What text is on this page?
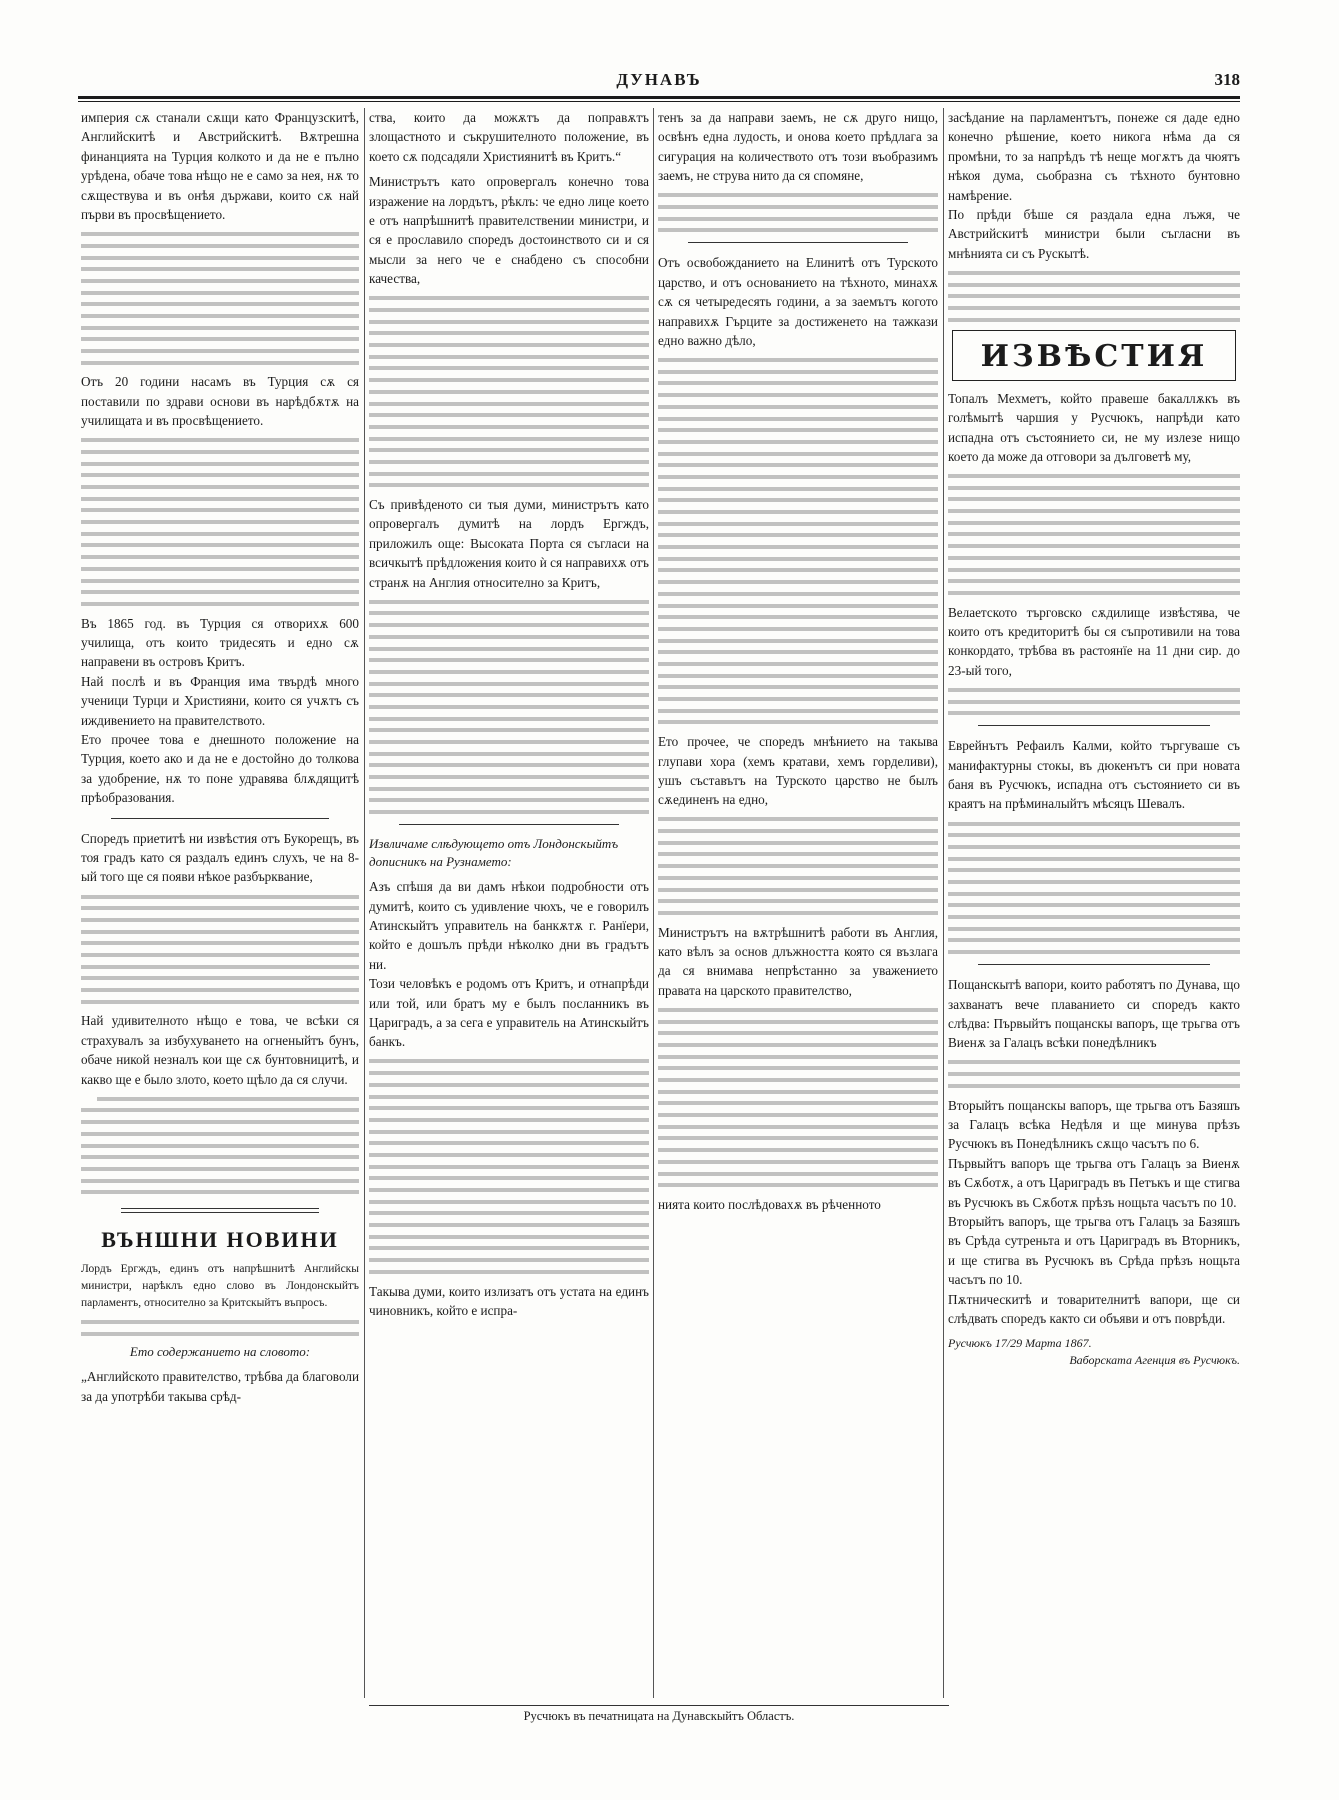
ДУНАВЪ	318

империя сѫ станали сѫщи като Французскитѣ, Английскитѣ и Австрийскитѣ. Вѫтрешна финанцията на Турция колкото и да не е пълно урѣдена, обаче това нѣщо не е само за нея, нѫ то сѫществува и въ онѣя държави, които сѫ най първи въ просвѣщението.

Отъ 20 години насамъ въ Турция сѫ ся поставили по здрави основи въ нарѣдбѫтѫ на училищата и въ просвѣщението.

Въ 1865 год. въ Турция ся отворихѫ 600 училища, отъ които тридесять и едно сѫ направени въ островъ Критъ.

Най послѣ и въ Франция има твърдѣ много ученици Турци и Християни, които ся учѫтъ съ иждивението на правителството.

Ето прочее това е днешното положение на Турция, което ако и да не е достойно до толкова за удобрение, нѫ то поне удравява блѫдящитѣ прѣобразования.

Споредъ приетитѣ ни извѣстия отъ Букорещъ, въ тоя градъ като ся раздалъ единъ слухъ, че на 8-ый того ще ся появи нѣкое разбърквание,

Най удивителното нѣщо е това, че всѣки ся страхувалъ за избухуването на огненыйтъ бунъ, обаче никой незналъ кои ще сѫ бунтовницитѣ, и какво ще е было злото, което щѣло да ся случи.

ВЪНШНИ НОВИНИ

Лордъ Ергждъ, единъ отъ напрѣшнитѣ Английскы министри, нарѣклъ едно слово въ Лондонскыйтъ парламентъ, относително за Критскыйтъ въпросъ.

Ето содержанието на словото:

„Английското правителство, трѣбва да благоволи за да употрѣби такыва срѣд-

ства, които да можѫтъ да поправѫтъ злощастното и съкрушителното положение, въ което сѫ подсадяли Християнитѣ въ Критъ.“

Министрътъ като опровергалъ конечно това изражение на лордътъ, рѣклъ: че едно лице което е отъ напрѣшнитѣ правителствении министри, и ся е прославило споредъ достоинството си и ся мысли за него че е снабдено съ способни качества,

Съ привѣденото си тыя думи, министрътъ като опровергалъ думитѣ на лордъ Ергждъ, приложилъ още: Высоката Порта ся съгласи на всичкытѣ прѣдложения които ѝ ся направихѫ отъ странѫ на Англия относително за Критъ,

Извличаме слѣдующето отъ Лондонскыйтъ дописникъ на Рузнамето:

Азъ спѣшя да ви дамъ нѣкои подробности отъ думитѣ, които съ удивление чюхъ, че е говорилъ Атинскыйтъ управитель на банкѫтѫ г. Ранїери, който е дошълъ прѣди нѣколко дни въ градътъ ни.

Този человѣкъ е родомъ отъ Критъ, и отнапрѣди или той, или братъ му е былъ посланникъ въ Цариградъ, а за сега е управитель на Атинскыйтъ банкъ.

Такыва думи, които излизатъ отъ устата на единъ чиновникъ, който е испра-

тенъ за да направи заемъ, не сѫ друго нищо, освѣнъ една лудость, и онова което прѣдлага за сигурация на количеството отъ този въобразимъ заемъ, не струва нито да ся спомяне,

Отъ освобожданието на Елинитѣ отъ Турското царство, и отъ основанието на тѣхното, минахѫ сѫ ся четыредесять години, а за заемътъ когото направихѫ Гърците за достиженето на тажкази едно важно дѣло,

Ето прочее, че споредъ мнѣнието на такыва глупави хора (хемъ кратави, хемъ горделиви), ушъ съставътъ на Турското царство не былъ сѫединенъ на едно,

Министрътъ на вѫтрѣшнитѣ работи въ Англия, като вѣлъ за основ длъжността която ся възлага да ся внимава непрѣстанно за уважението правата на царското правителство,

нията които послѣдовахѫ въ рѣченното

засѣдание на парламентътъ, понеже ся даде едно конечно рѣшение, което никога нѣма да ся промѣни, то за напрѣдъ тѣ неще могѫтъ да чюятъ нѣкоя дума, сьобразна съ тѣхното бунтовно намѣрение.

По прѣди бѣше ся раздала една лъжя, че Австрийскитѣ министри были съгласни въ мнѣнията си съ Рускытѣ.

ИЗВѢСТИЯ

Топалъ Мехметъ, който правеше бакаллѫкъ въ голѣмытѣ чаршия у Русчюкъ, напрѣди като испадна отъ състоянието си, не му излезе нищо което да може да отговори за дълговетѣ му,

Велаетското търговско сѫдилище извѣстява, че които отъ кредиторитѣ бы ся съпротивили на това конкордато, трѣбва въ растоянїе на 11 дни сир. до 23-ый того,

Еврейнътъ Рефаилъ Калми, който търгуваше съ манифактурны стокы, въ дюкенътъ си при новата баня въ Русчюкъ, испадна отъ състоянието си въ краятъ на прѣминалыйтъ мѣсяцъ Шевалъ.

Пощанскытѣ вапори, които работятъ по Дунава, що захванатъ вече плаванието си споредъ както слѣдва: Първыйтъ пощанскы вапоръ, ще трьгва отъ Виенѫ за Галацъ всѣки понедѣлникъ

Вторыйтъ пощанскы вапоръ, ще трьгва отъ Базяшъ за Галацъ всѣка Недѣля и ще минува прѣзъ Русчюкъ въ Понедѣлникъ сѫщо часътъ по 6.

Първыйтъ вапоръ ще трьгва отъ Галацъ за Виенѫ въ Сѫботѫ, а отъ Цариградъ въ Петъкъ и ще стигва въ Русчюкъ въ Сѫботѫ прѣзъ нощьта часътъ по 10.

Вторыйтъ вапоръ, ще трьгва отъ Галацъ за Базяшъ въ Срѣда сутреньта и отъ Цариградъ въ Вторникъ, и ще стигва въ Русчюкъ въ Срѣда прѣзъ нощьта часътъ по 10.

Пѫтническитѣ и товарителнитѣ вапори, ще си слѣдвать споредъ както си объяви и отъ поврѣди.

Русчюкъ 17/29 Марта 1867.

Ваборската Агенция въ Русчюкъ.

Русчюкъ въ печатницата на Дунавскыйтъ Областъ.
